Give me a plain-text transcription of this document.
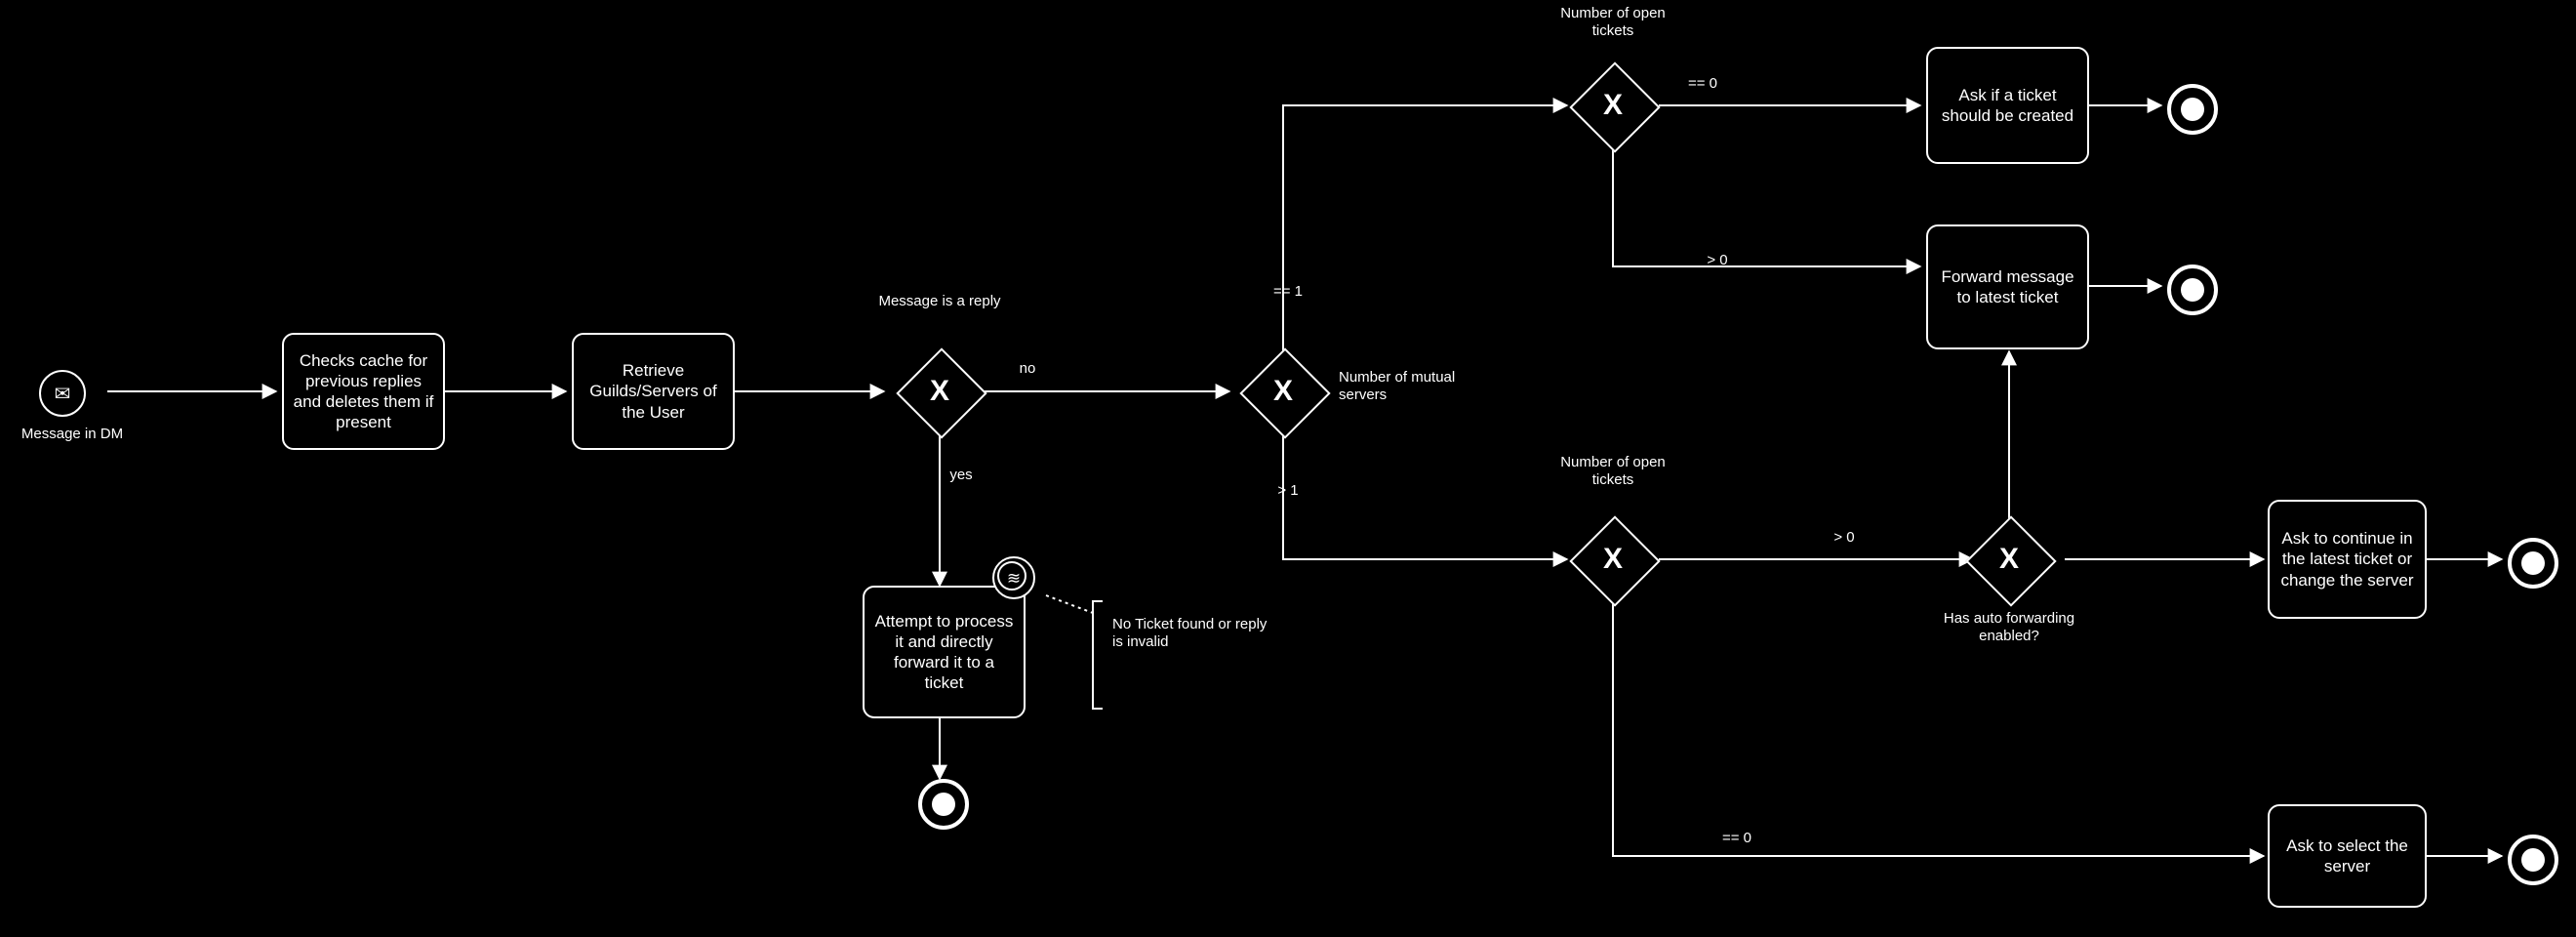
✉
Message in DM
Checks cache for previous replies and deletes them if present
Retrieve Guilds/Servers of the User
X
Message is a reply
no
yes
Attempt to process it and directly forward it to a ticket
≋
No Ticket found or reply is invalid
X	Number of mutual servers
== 1
> 1
X
Number of open tickets
== 0
> 0
Ask if a ticket should be created
Forward message to latest ticket
X
Number of open tickets
> 0
== 0
X
Has auto forwarding enabled?
Ask to continue in the latest ticket or change the server
Ask to select the server
